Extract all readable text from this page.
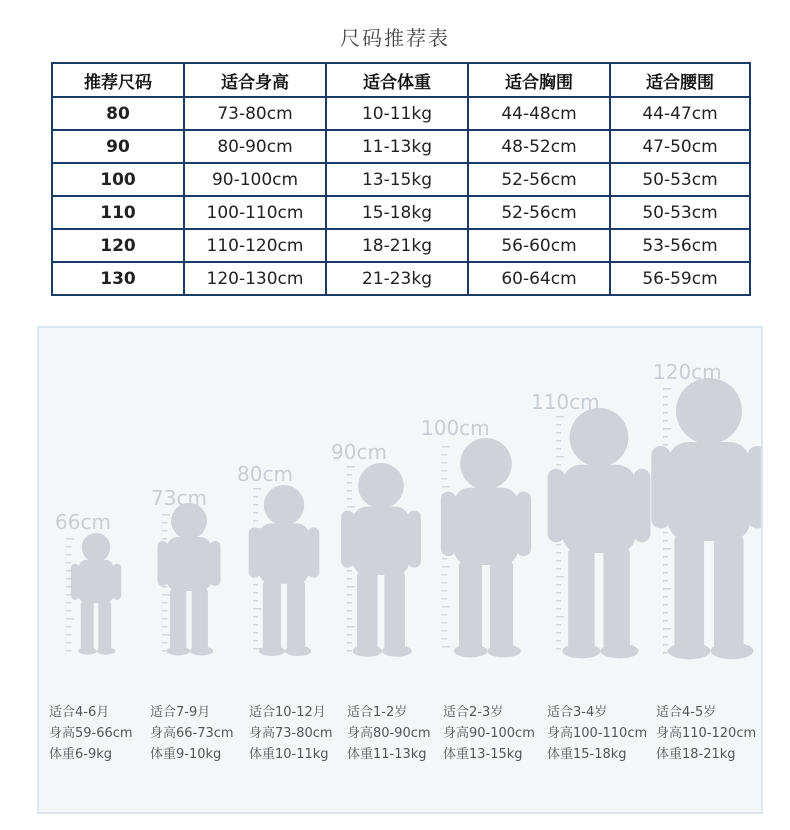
尺码推荐表
推荐尺码	适合身高	适合体重	适合胸围	适合腰围
80	73-80cm	10-11kg	44-48cm	44-47cm
90	80-90cm	11-13kg	48-52cm	47-50cm
100	90-100cm	13-15kg	52-56cm	50-53cm
110	100-110cm	15-18kg	52-56cm	50-53cm
120	110-120cm	18-21kg	56-60cm	53-56cm
130	120-130cm	21-23kg	60-64cm	56-59cm
66cm
73cm
80cm
90cm
100cm
110cm
120cm
适合4-6月
身高59-66cm
体重6-9kg
适合7-9月
身高66-73cm
体重9-10kg
适合10-12月
身高73-80cm
体重10-11kg
适合1-2岁
身高80-90cm
体重11-13kg
适合2-3岁
身高90-100cm
体重13-15kg
适合3-4岁
身高100-110cm
体重15-18kg
适合4-5岁
身高110-120cm
体重18-21kg
